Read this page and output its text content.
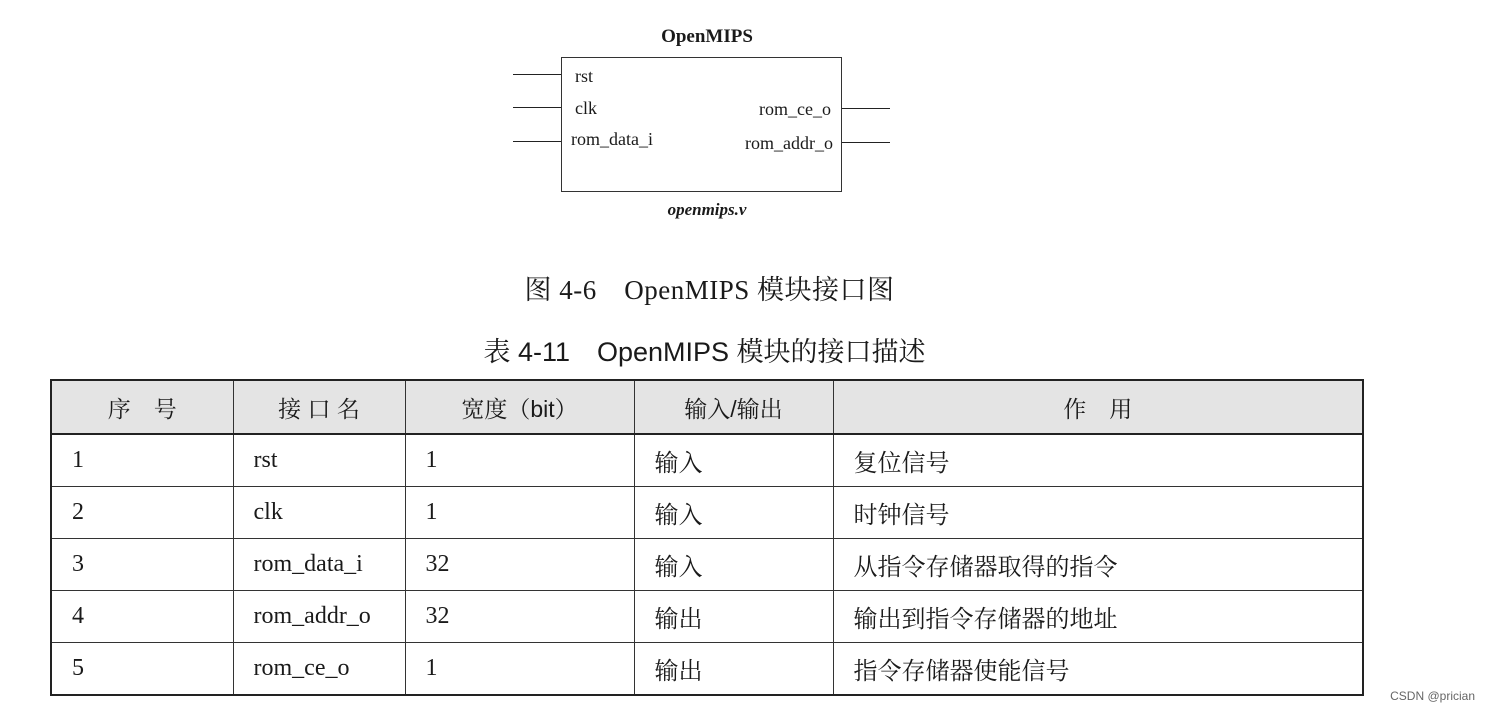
OpenMIPS
rst
clk
rom_data_i
rom_ce_o
rom_addr_o
openmips.v
图 4-6　OpenMIPS 模块接口图
表 4-11　OpenMIPS 模块的接口描述
序　号	接 口 名	宽度（bit）	输入/输出	作　用
1	rst	1	输入	复位信号
2	clk	1	输入	时钟信号
3	rom_data_i	32	输入	从指令存储器取得的指令
4	rom_addr_o	32	输出	输出到指令存储器的地址
5	rom_ce_o	1	输出	指令存储器使能信号
CSDN @prician
